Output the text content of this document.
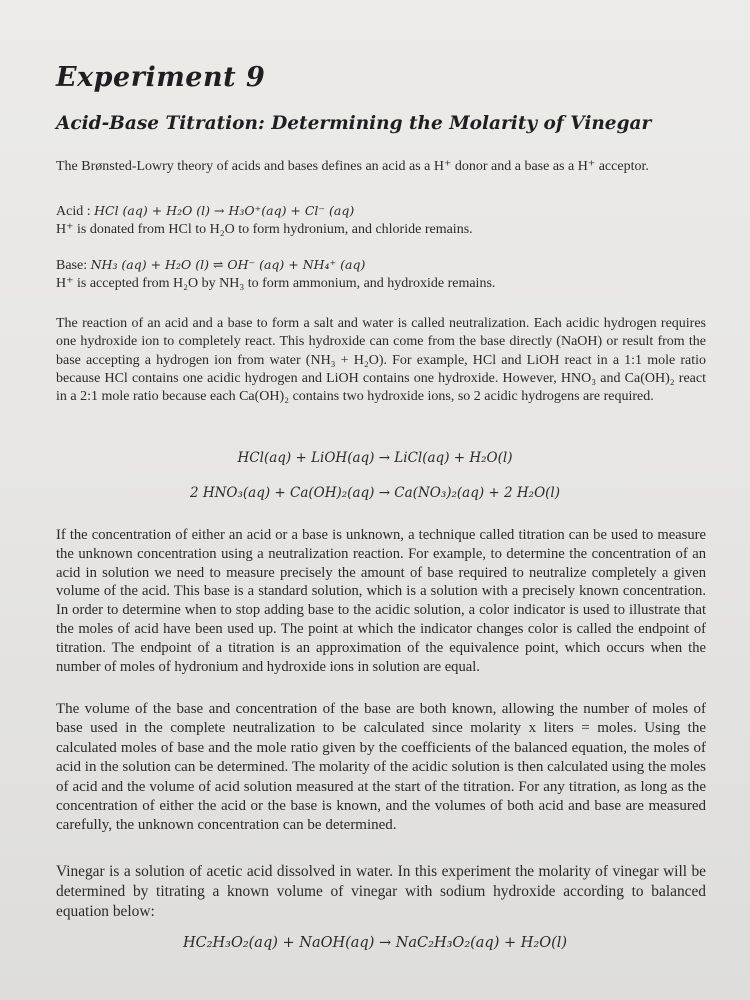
Experiment 9
Acid-Base Titration: Determining the Molarity of Vinegar

The Brønsted-Lowry theory of acids and bases defines an acid as a H⁺ donor and a base as a H⁺ acceptor.

Acid : HCl (aq) + H₂O (l) → H₃O⁺(aq) + Cl⁻ (aq)
H⁺ is donated from HCl to H₂O to form hydronium, and chloride remains.
Base: NH₃ (aq) + H₂O (l) ⇌ OH⁻ (aq) + NH₄⁺ (aq)
H⁺ is accepted from H₂O by NH₃ to form ammonium, and hydroxide remains.

The reaction of an acid and a base to form a salt and water is called neutralization. Each acidic hydrogen requires one hydroxide ion to completely react. This hydroxide can come from the base directly (NaOH) or result from the base accepting a hydrogen ion from water (NH₃ + H₂O). For example, HCl and LiOH react in a 1:1 mole ratio because HCl contains one acidic hydrogen and LiOH contains one hydroxide. However, HNO₃ and Ca(OH)₂ react in a 2:1 mole ratio because each Ca(OH)₂ contains two hydroxide ions, so 2 acidic hydrogens are required.

HCl(aq) + LiOH(aq) → LiCl(aq) + H₂O(l)
2 HNO₃(aq) + Ca(OH)₂(aq) → Ca(NO₃)₂(aq) + 2 H₂O(l)

If the concentration of either an acid or a base is unknown, a technique called titration can be used to measure the unknown concentration using a neutralization reaction. For example, to determine the concentration of an acid in solution we need to measure precisely the amount of base required to neutralize completely a given volume of the acid. This base is a standard solution, which is a solution with a precisely known concentration. In order to determine when to stop adding base to the acidic solution, a color indicator is used to illustrate that the moles of acid have been used up. The point at which the indicator changes color is called the endpoint of titration. The endpoint of a titration is an approximation of the equivalence point, which occurs when the number of moles of hydronium and hydroxide ions in solution are equal.

The volume of the base and concentration of the base are both known, allowing the number of moles of base used in the complete neutralization to be calculated since molarity x liters = moles. Using the calculated moles of base and the mole ratio given by the coefficients of the balanced equation, the moles of acid in the solution can be determined. The molarity of the acidic solution is then calculated using the moles of acid and the volume of acid solution measured at the start of the titration. For any titration, as long as the concentration of either the acid or the base is known, and the volumes of both acid and base are measured carefully, the unknown concentration can be determined.

Vinegar is a solution of acetic acid dissolved in water. In this experiment the molarity of vinegar will be determined by titrating a known volume of vinegar with sodium hydroxide according to balanced equation below:

HC₂H₃O₂(aq) + NaOH(aq) → NaC₂H₃O₂(aq) + H₂O(l)
